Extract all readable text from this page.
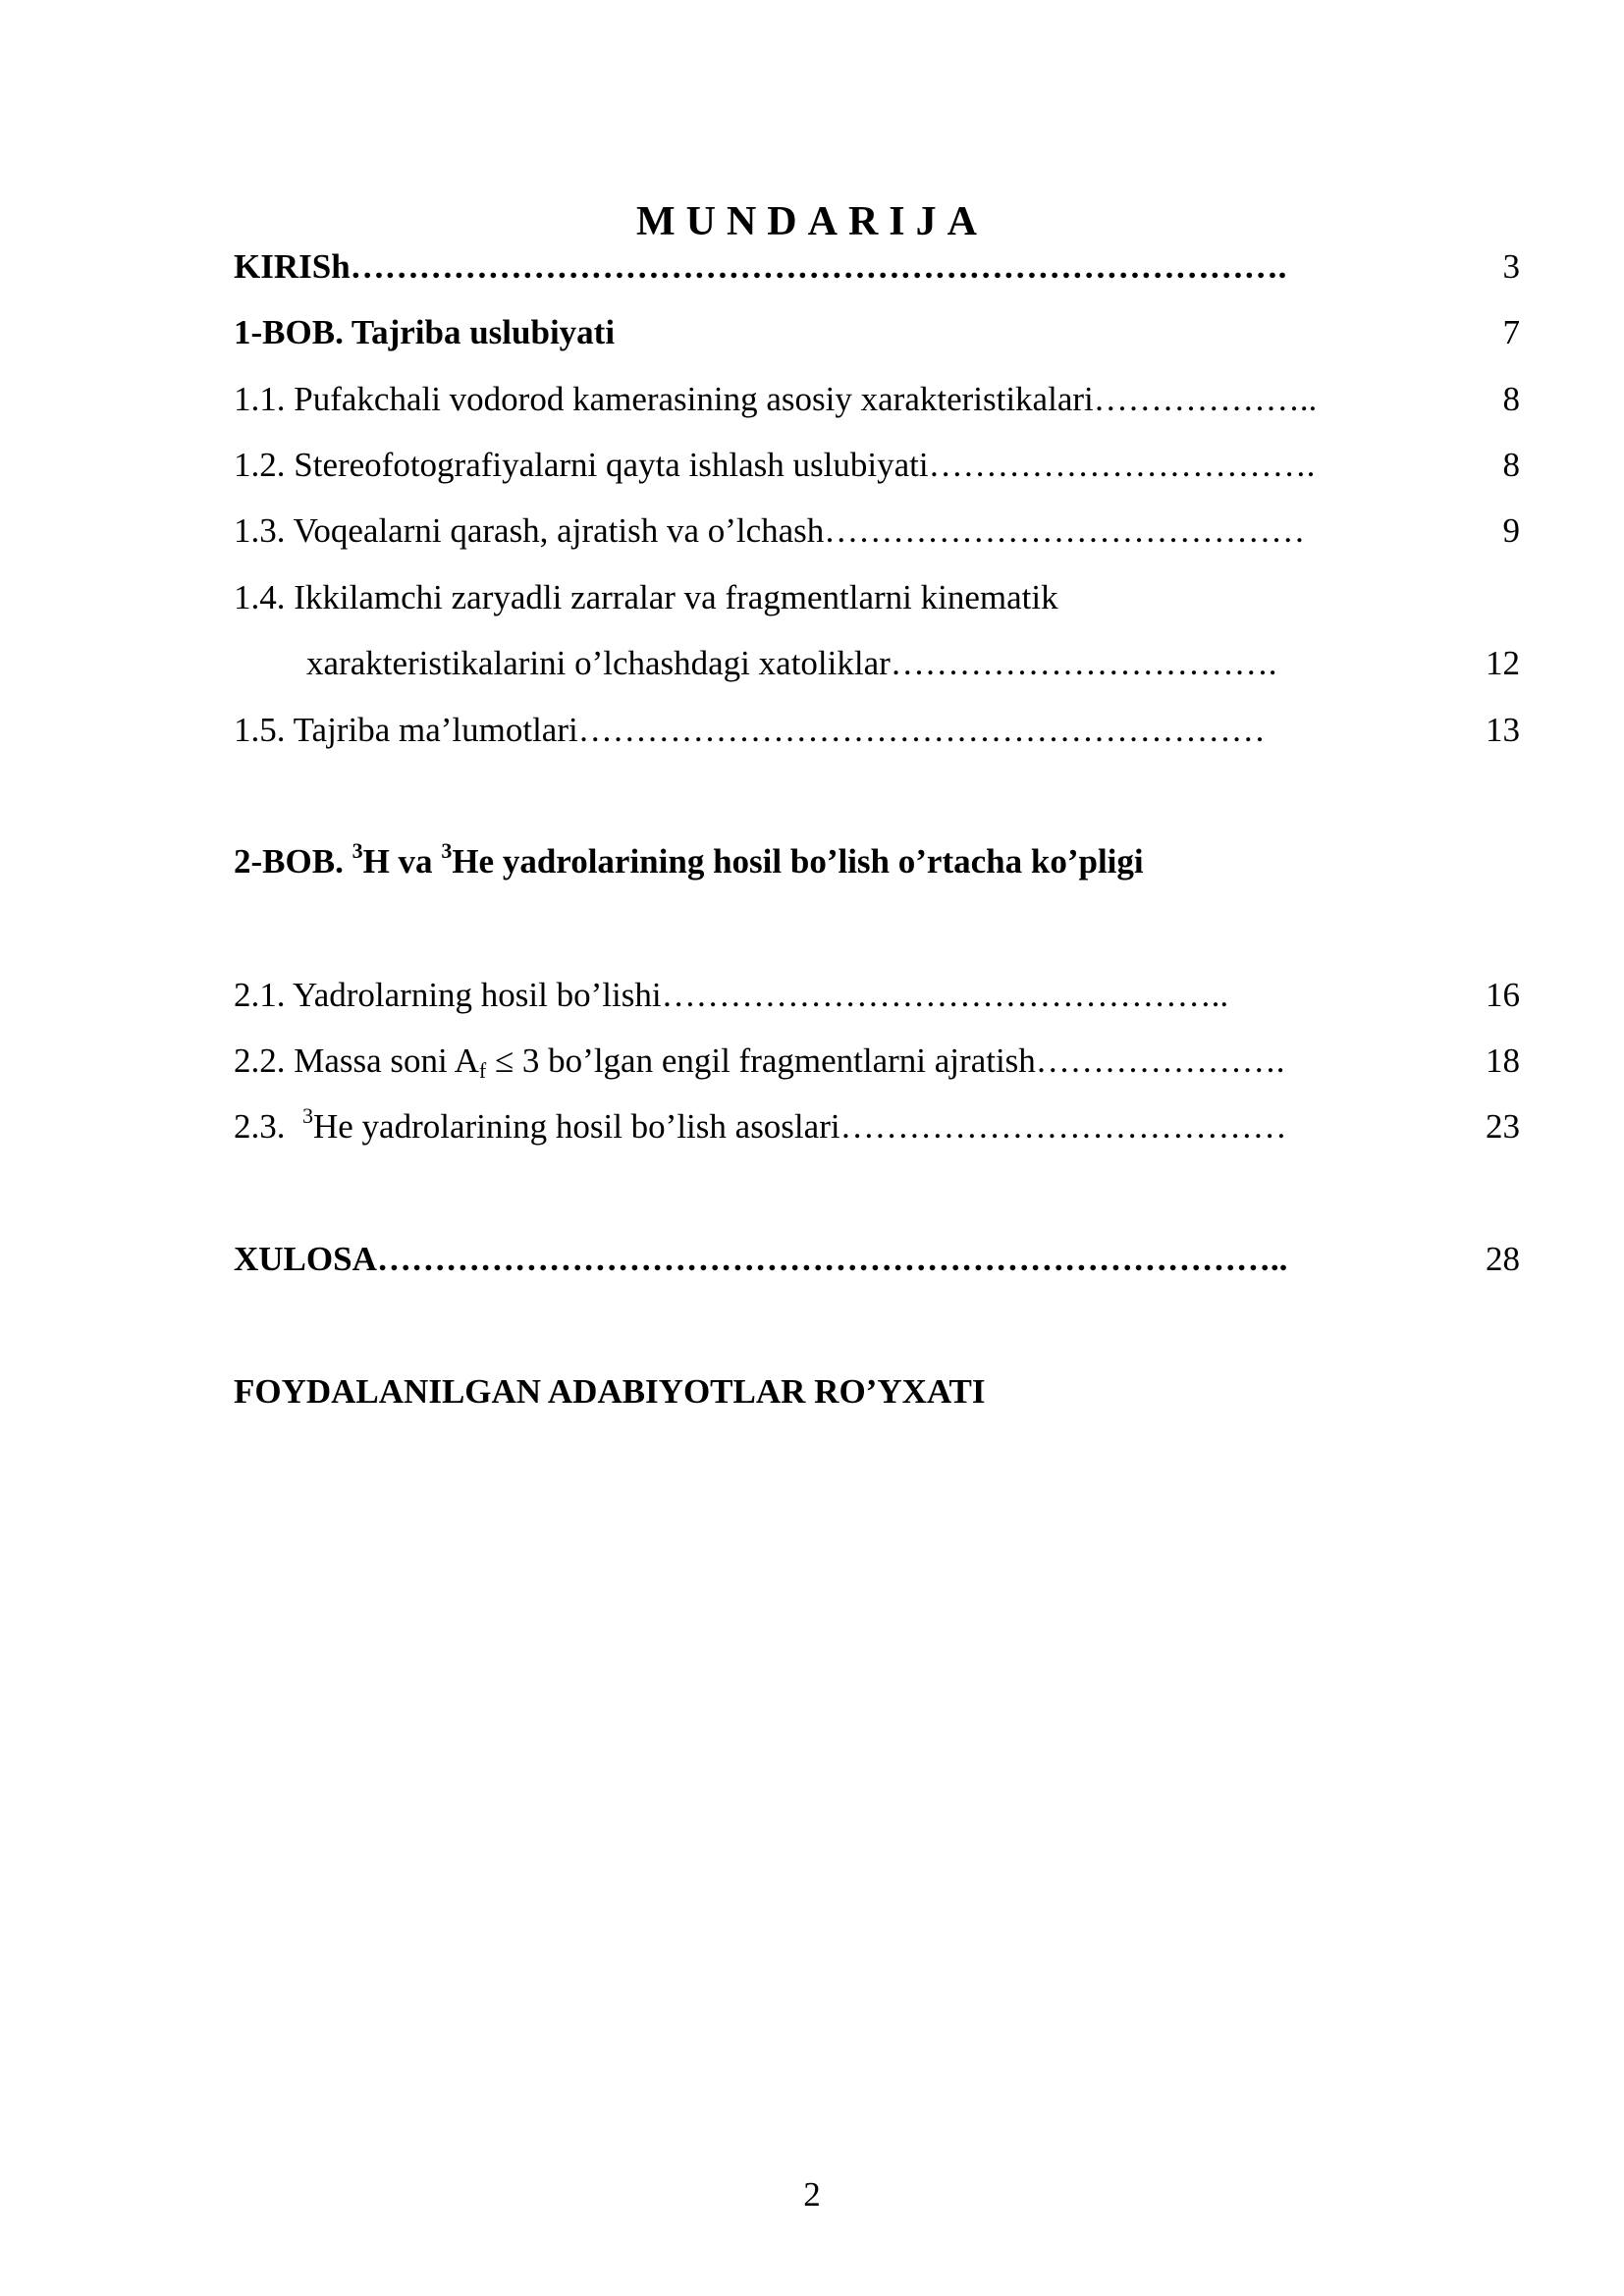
MUNDARIJA
KIRISh……………………………………………………………………….	3
1-BOB. Tajriba uslubiyati	7
1.1. Pufakchali vodorod kamerasining asosiy xarakteristikalari………………..	8
1.2. Stereofotografiyalarni qayta ishlash uslubiyati…………………………….	8
1.3. Voqealarni qarash, ajratish va o’lchash……………………………………	9
1.4. Ikkilamchi zaryadli zarralar va fragmentlarni kinematik
xarakteristikalarini o’lchashdagi xatoliklar…………………………….	12
1.5. Tajriba ma’lumotlari……………………………………………………	13
2-BOB. $^3$H va $^3$He yadrolarining hosil bo’lish o’rtacha ko’pligi
2.1. Yadrolarning hosil bo’lishi…………………………………………..	16
2.2. Massa soni $A_f \le 3$ bo’lgan engil fragmentlarni ajratish………………….	18
2.3.  $^3$He yadrolarining hosil bo’lish asoslari…………………………………	23
XULOSA……………………………………………………………………..	28
FOYDALANILGAN ADABIYOTLAR RO’YXATI
2
